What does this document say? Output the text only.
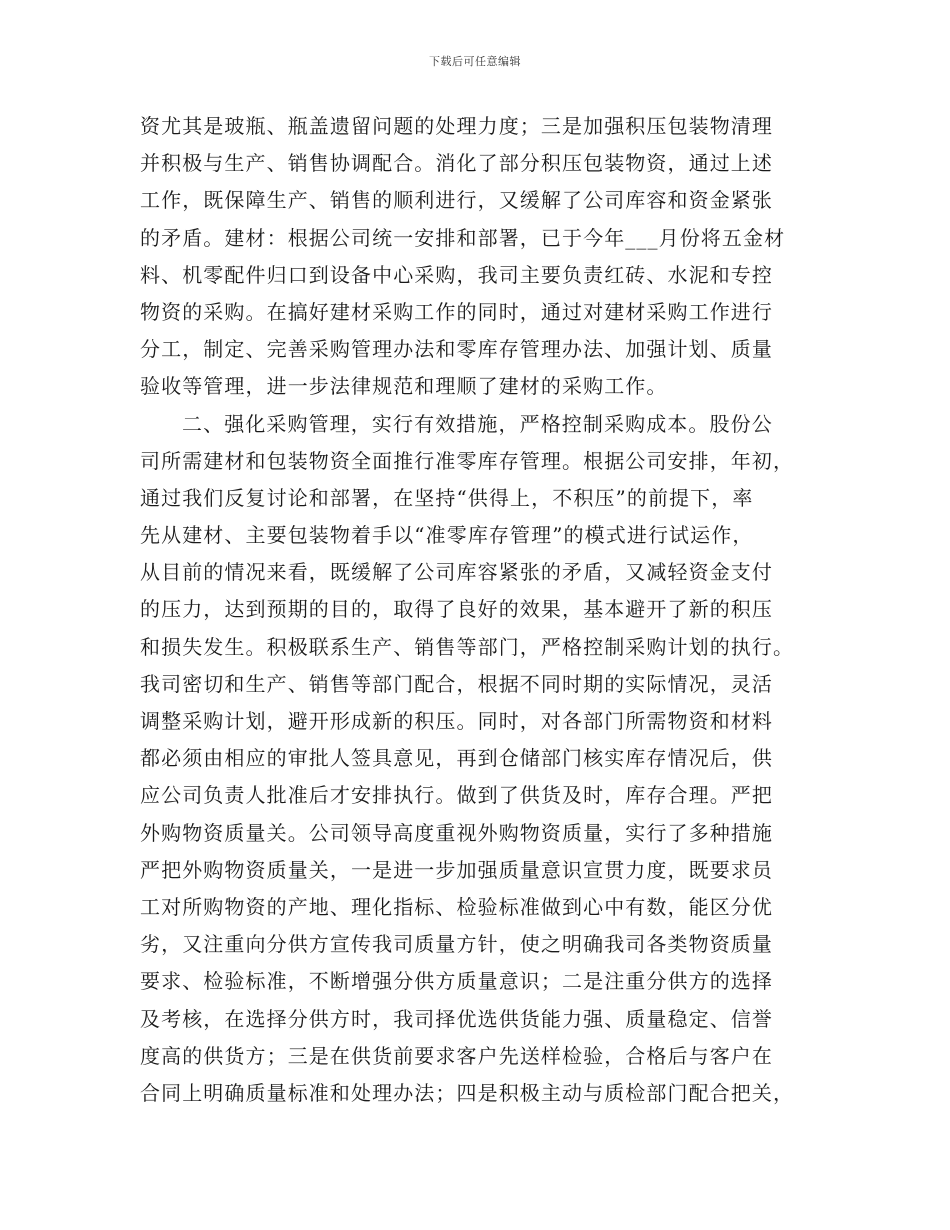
下载后可任意编辑
资尤其是玻瓶、瓶盖遗留问题的处理力度；三是加强积压包装物清理
并积极与生产、销售协调配合。消化了部分积压包装物资，通过上述
工作，既保障生产、销售的顺利进行，又缓解了公司库容和资金紧张
的矛盾。建材：根据公司统一安排和部署，已于今年___月份将五金材
料、机零配件归口到设备中心采购，我司主要负责红砖、水泥和专控
物资的采购。在搞好建材采购工作的同时，通过对建材采购工作进行
分工，制定、完善采购管理办法和零库存管理办法、加强计划、质量
验收等管理，进一步法律规范和理顺了建材的采购工作。
二、强化采购管理，实行有效措施，严格控制采购成本。股份公
司所需建材和包装物资全面推行准零库存管理。根据公司安排，年初，
通过我们反复讨论和部署，在坚持“供得上，不积压”的前提下，率
先从建材、主要包装物着手以“准零库存管理”的模式进行试运作，
从目前的情况来看，既缓解了公司库容紧张的矛盾，又减轻资金支付
的压力，达到预期的目的，取得了良好的效果，基本避开了新的积压
和损失发生。积极联系生产、销售等部门，严格控制采购计划的执行。
我司密切和生产、销售等部门配合，根据不同时期的实际情况，灵活
调整采购计划，避开形成新的积压。同时，对各部门所需物资和材料
都必须由相应的审批人签具意见，再到仓储部门核实库存情况后，供
应公司负责人批准后才安排执行。做到了供货及时，库存合理。严把
外购物资质量关。公司领导高度重视外购物资质量，实行了多种措施
严把外购物资质量关，一是进一步加强质量意识宣贯力度，既要求员
工对所购物资的产地、理化指标、检验标准做到心中有数，能区分优
劣，又注重向分供方宣传我司质量方针，使之明确我司各类物资质量
要求、检验标准，不断增强分供方质量意识；二是注重分供方的选择
及考核，在选择分供方时，我司择优选供货能力强、质量稳定、信誉
度高的供货方；三是在供货前要求客户先送样检验，合格后与客户在
合同上明确质量标准和处理办法；四是积极主动与质检部门配合把关，
